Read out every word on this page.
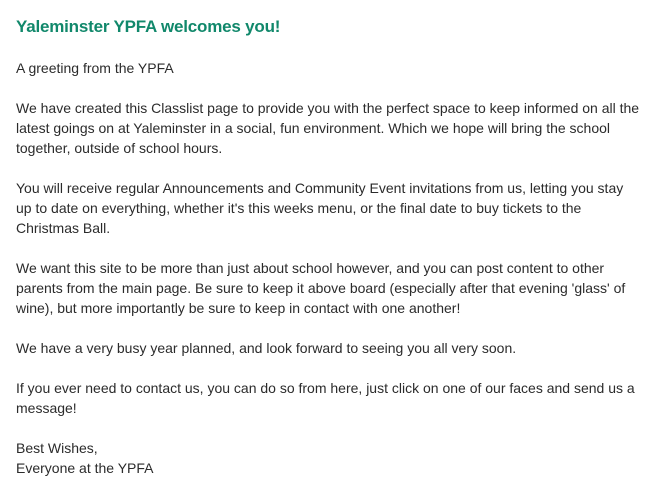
Yaleminster YPFA welcomes you!

A greeting from the YPFA

We have created this Classlist page to provide you with the perfect space to keep informed on all the latest goings on at Yaleminster in a social, fun environment. Which we hope will bring the school together, outside of school hours.

You will receive regular Announcements and Community Event invitations from us, letting you stay up to date on everything, whether it's this weeks menu, or the final date to buy tickets to the Christmas Ball.

We want this site to be more than just about school however, and you can post content to other parents from the main page. Be sure to keep it above board (especially after that evening 'glass' of wine), but more importantly be sure to keep in contact with one another!

We have a very busy year planned, and look forward to seeing you all very soon.

If you ever need to contact us, you can do so from here, just click on one of our faces and send us a message!

Best Wishes,
Everyone at the YPFA
